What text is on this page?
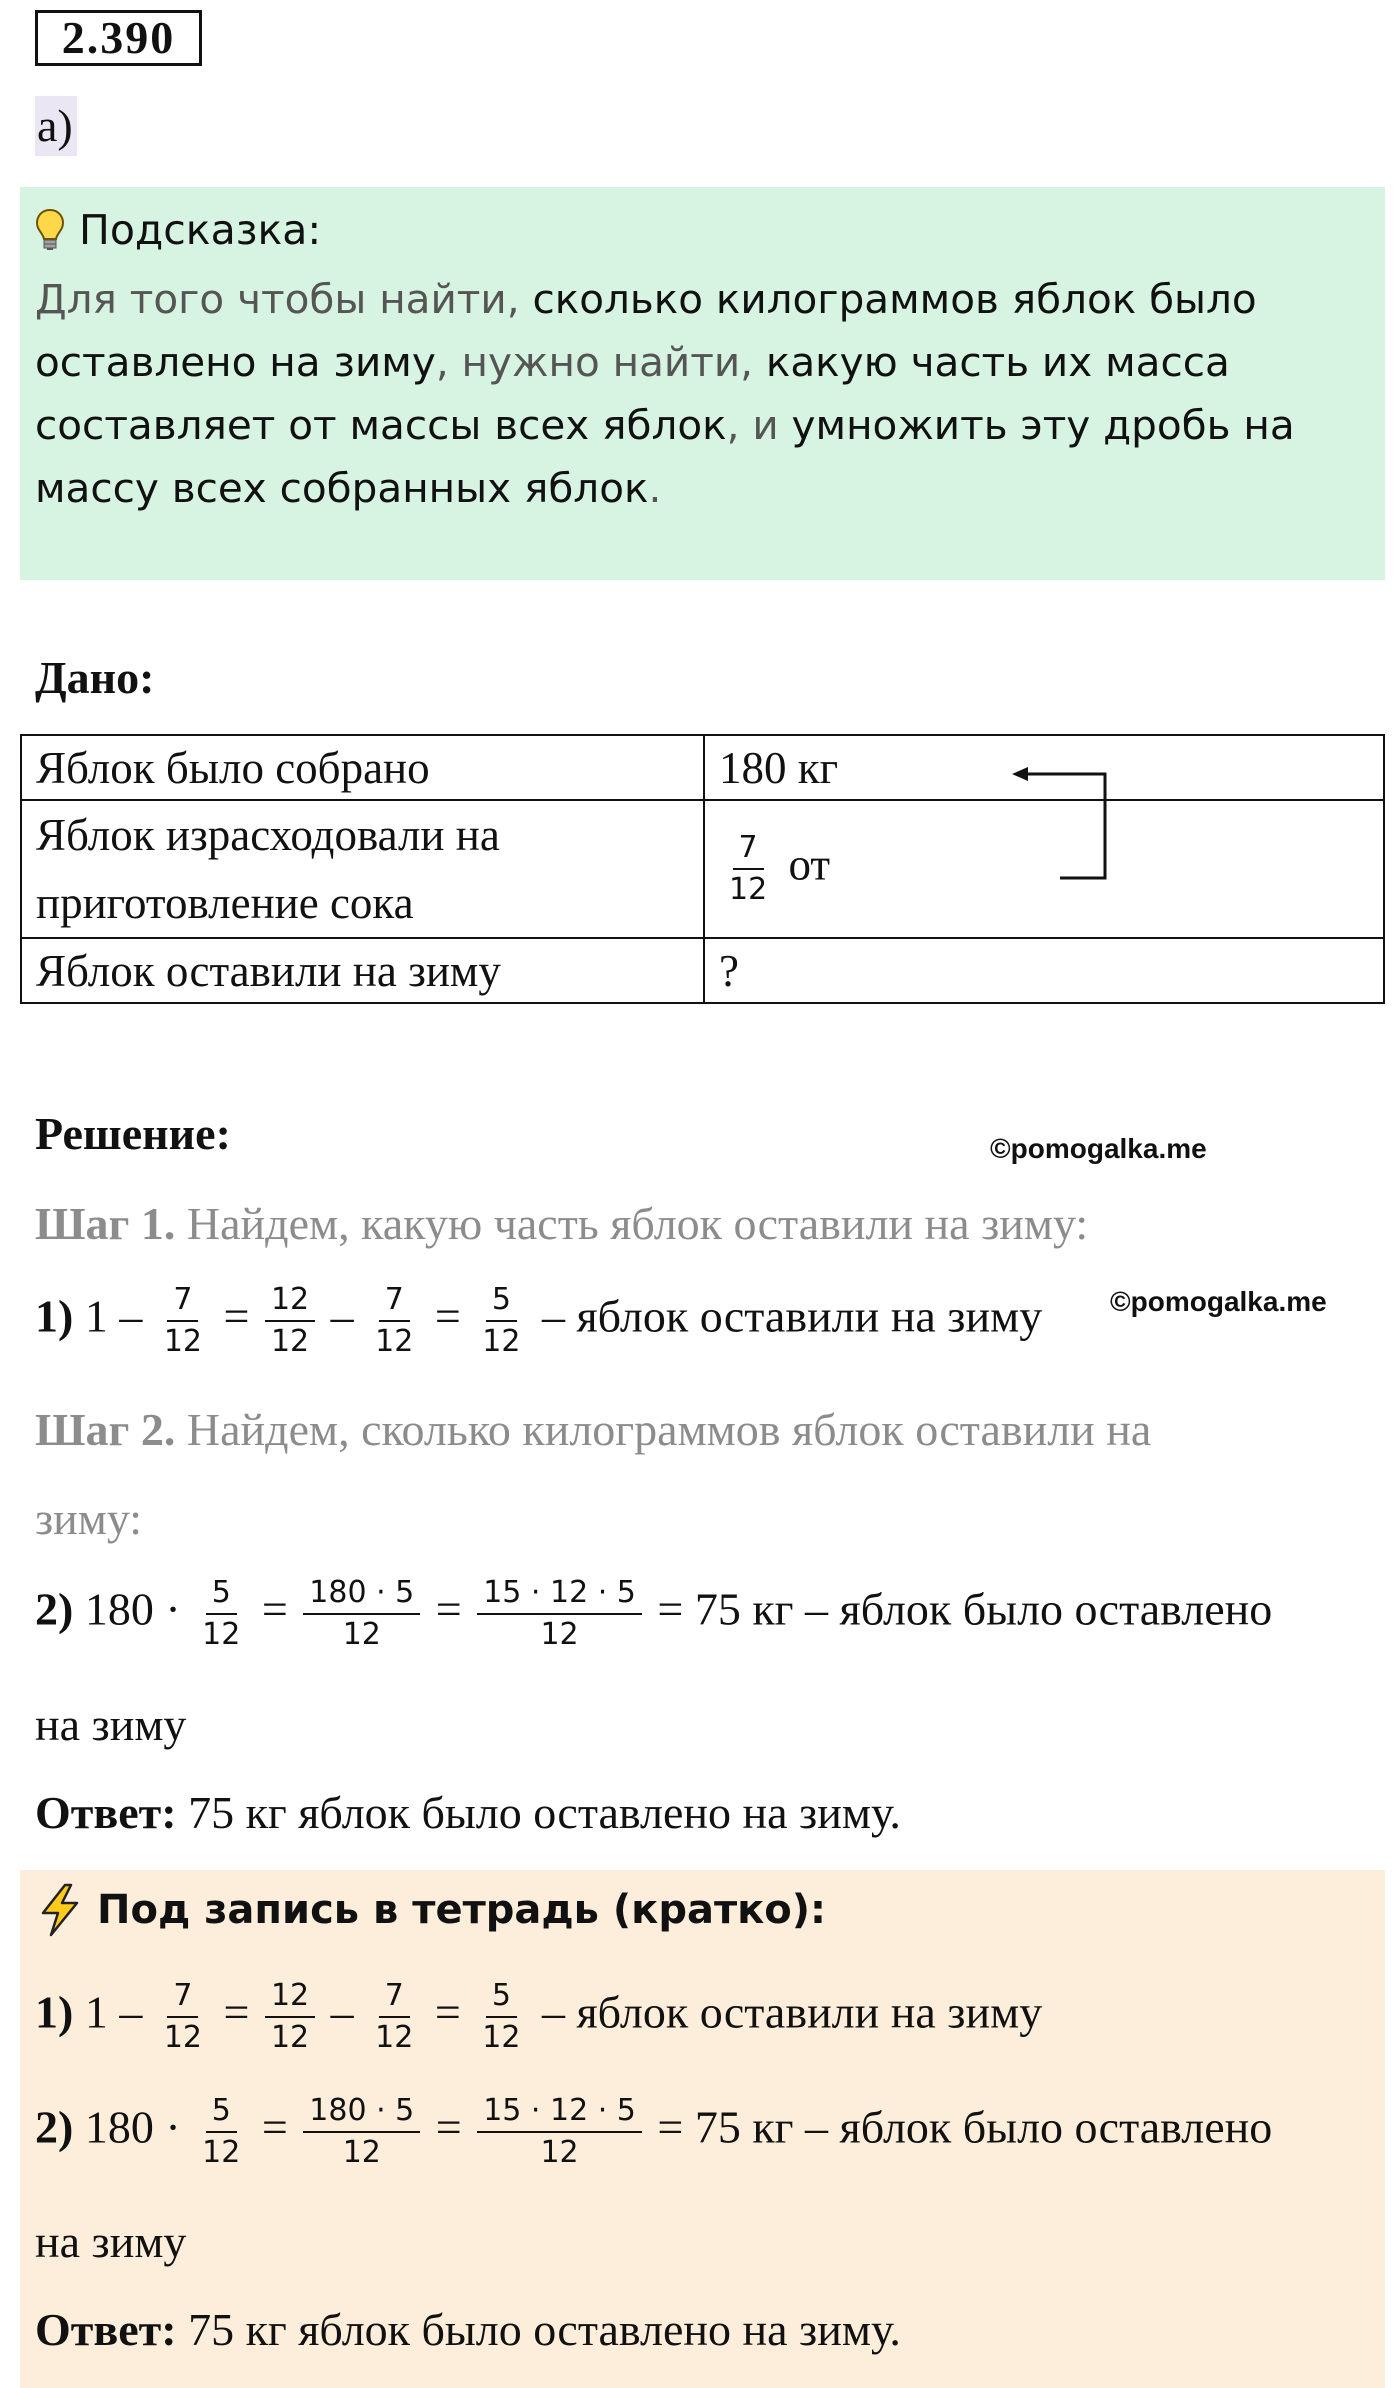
2.390
а)
Подсказка:
Для того чтобы найти, сколько килограммов яблок было оставлено на зиму, нужно найти, какую часть их масса составляет от массы всех яблок, и умножить эту дробь на массу всех собранных яблок.
Дано:
Яблок было собрано	180 кг
Яблок израсходовали на приготовление сока	$\frac{7}{12}$ от
Яблок оставили на зиму	?
Решение:	©pomogalka.me
Шаг 1. Найдем, какую часть яблок оставили на зиму:
1) $1 - \frac{7}{12} = \frac{12}{12} - \frac{7}{12} = \frac{5}{12}$ – яблок оставили на зиму ©pomogalka.me
Шаг 2. Найдем, сколько килограммов яблок оставили на
зиму:
2) $180 \cdot \frac{5}{12} = \frac{180 \cdot 5}{12} = \frac{15 \cdot 12 \cdot 5}{12} = 75$ кг – яблок было оставлено
на зиму
Ответ: 75 кг яблок было оставлено на зиму.
Под запись в тетрадь (кратко):
1) $1 - \frac{7}{12} = \frac{12}{12} - \frac{7}{12} = \frac{5}{12}$ – яблок оставили на зиму
2) $180 \cdot \frac{5}{12} = \frac{180 \cdot 5}{12} = \frac{15 \cdot 12 \cdot 5}{12} = 75$ кг – яблок было оставлено
на зиму
Ответ: 75 кг яблок было оставлено на зиму.
